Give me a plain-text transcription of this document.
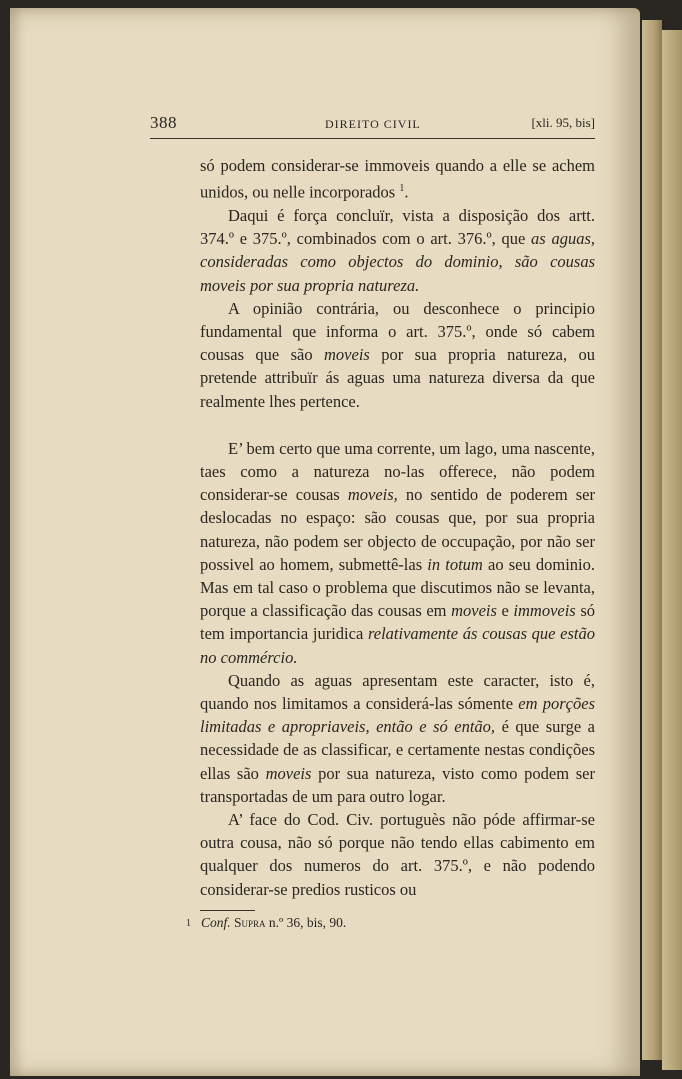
388	DIREITO CIVIL	[xli. 95, bis]

só podem considerar-se immoveis quando a elle se achem unidos, ou nelle incorporados $^1$.

Daqui é força concluïr, vista a disposição dos artt. 374.º e 375.º, combinados com o art. 376.º, que as aguas, consideradas como objectos do dominio, são cousas moveis por sua propria natureza.

A opinião contrária, ou desconhece o principio fundamental que informa o art. 375.º, onde só cabem cousas que são moveis por sua propria natureza, ou pretende attribuïr ás aguas uma natureza diversa da que realmente lhes pertence.

E’ bem certo que uma corrente, um lago, uma nascente, taes como a natureza no-las offerece, não podem considerar-se cousas moveis, no sentido de poderem ser deslocadas no espaço: são cousas que, por sua propria natureza, não podem ser objecto de occupação, por não ser possivel ao homem, submettê-las in totum ao seu dominio. Mas em tal caso o problema que discutimos não se levanta, porque a classificação das cousas em moveis e immoveis só tem importancia juridica relativamente ás cousas que estão no commércio.

Quando as aguas apresentam este caracter, isto é, quando nos limitamos a considerá-las sómente em porções limitadas e apropriaveis, então e só então, é que surge a necessidade de as classificar, e certamente nestas condições ellas são moveis por sua natureza, visto como podem ser transportadas de um para outro logar.

A’ face do Cod. Civ. portuguès não póde affirmar-se outra cousa, não só porque não tendo ellas cabimento em qualquer dos numeros do art. 375.º, e não podendo considerar-se predios rusticos ou

1 Conf. Supra n.º 36, bis, 90.
